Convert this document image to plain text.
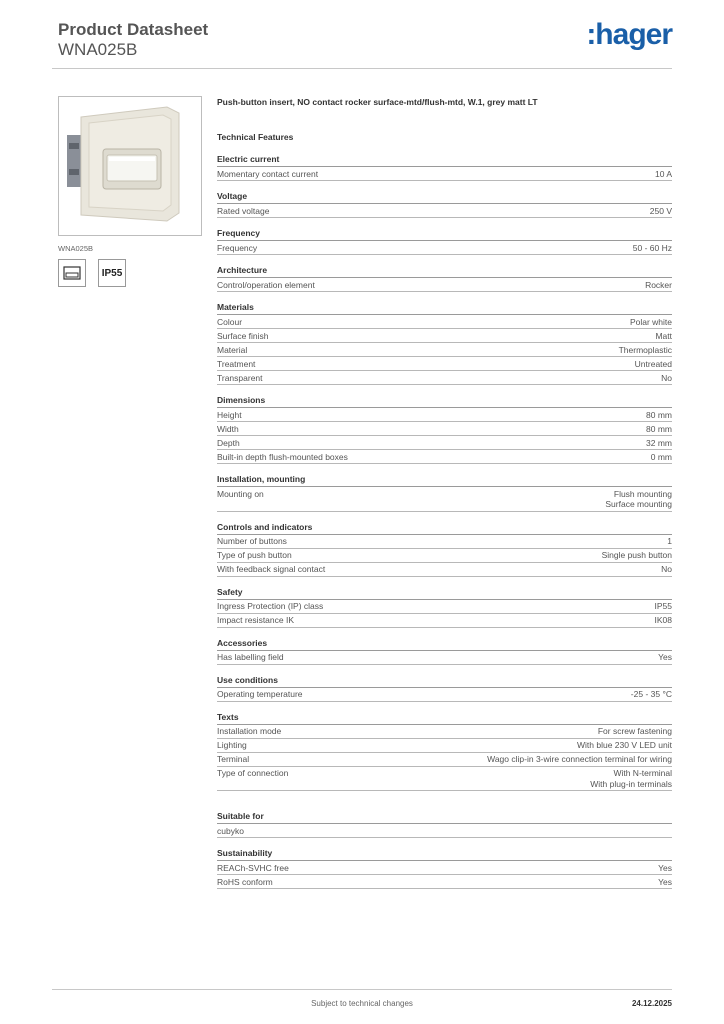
Product Datasheet
WNA025B	:hager
WNA025B
IP55
Push-button insert, NO contact rocker surface-mtd/flush-mtd, W.1, grey matt LT
Technical Features
Electric current
Momentary contact current	10 A
Voltage
Rated voltage	250 V
Frequency
Frequency	50 - 60 Hz
Architecture
Control/operation element	Rocker
Materials
Colour	Polar white
Surface finish	Matt
Material	Thermoplastic
Treatment	Untreated
Transparent	No
Dimensions
Height	80 mm
Width	80 mm
Depth	32 mm
Built-in depth flush-mounted boxes	0 mm
Installation, mounting
Mounting on	Flush mounting
Surface mounting
Controls and indicators
Number of buttons	1
Type of push button	Single push button
With feedback signal contact	No
Safety
Ingress Protection (IP) class	IP55
Impact resistance IK	IK08
Accessories
Has labelling field	Yes
Use conditions
Operating temperature	-25 - 35 °C
Texts
Installation mode	For screw fastening
Lighting	With blue 230 V LED unit
Terminal	Wago clip-in 3-wire connection terminal for wiring
Type of connection	With N-terminal
With plug-in terminals
Suitable for
cubyko
Sustainability
REACh-SVHC free	Yes
RoHS conform	Yes
Subject to technical changes	24.12.2025
